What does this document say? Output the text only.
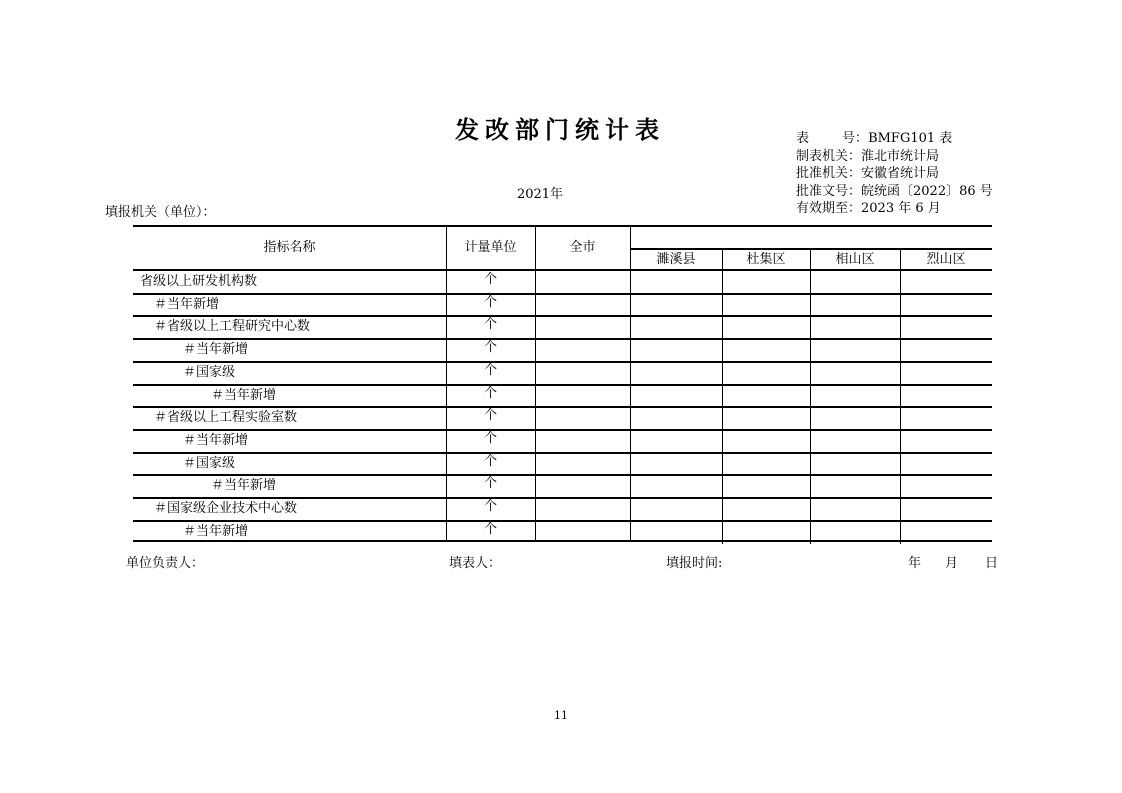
发改部门统计表	表        号： BMFG101 表
制表机关： 淮北市统计局
批准机关： 安徽省统计局
批准文号： 皖统函〔2022〕86 号
有效期至： 2023 年 6 月
2021年
填报机关（单位）：
指标名称	计量单位	全市
濉溪县	杜集区	相山区	烈山区
省级以上研发机构数	个
＃当年新增	个
＃省级以上工程研究中心数	个
＃当年新增	个
＃国家级	个
＃当年新增	个
＃省级以上工程实验室数	个
＃当年新增	个
＃国家级	个
＃当年新增	个
＃国家级企业技术中心数	个
＃当年新增	个
单位负责人：	填表人：	填报时间:	年 月 日
11
